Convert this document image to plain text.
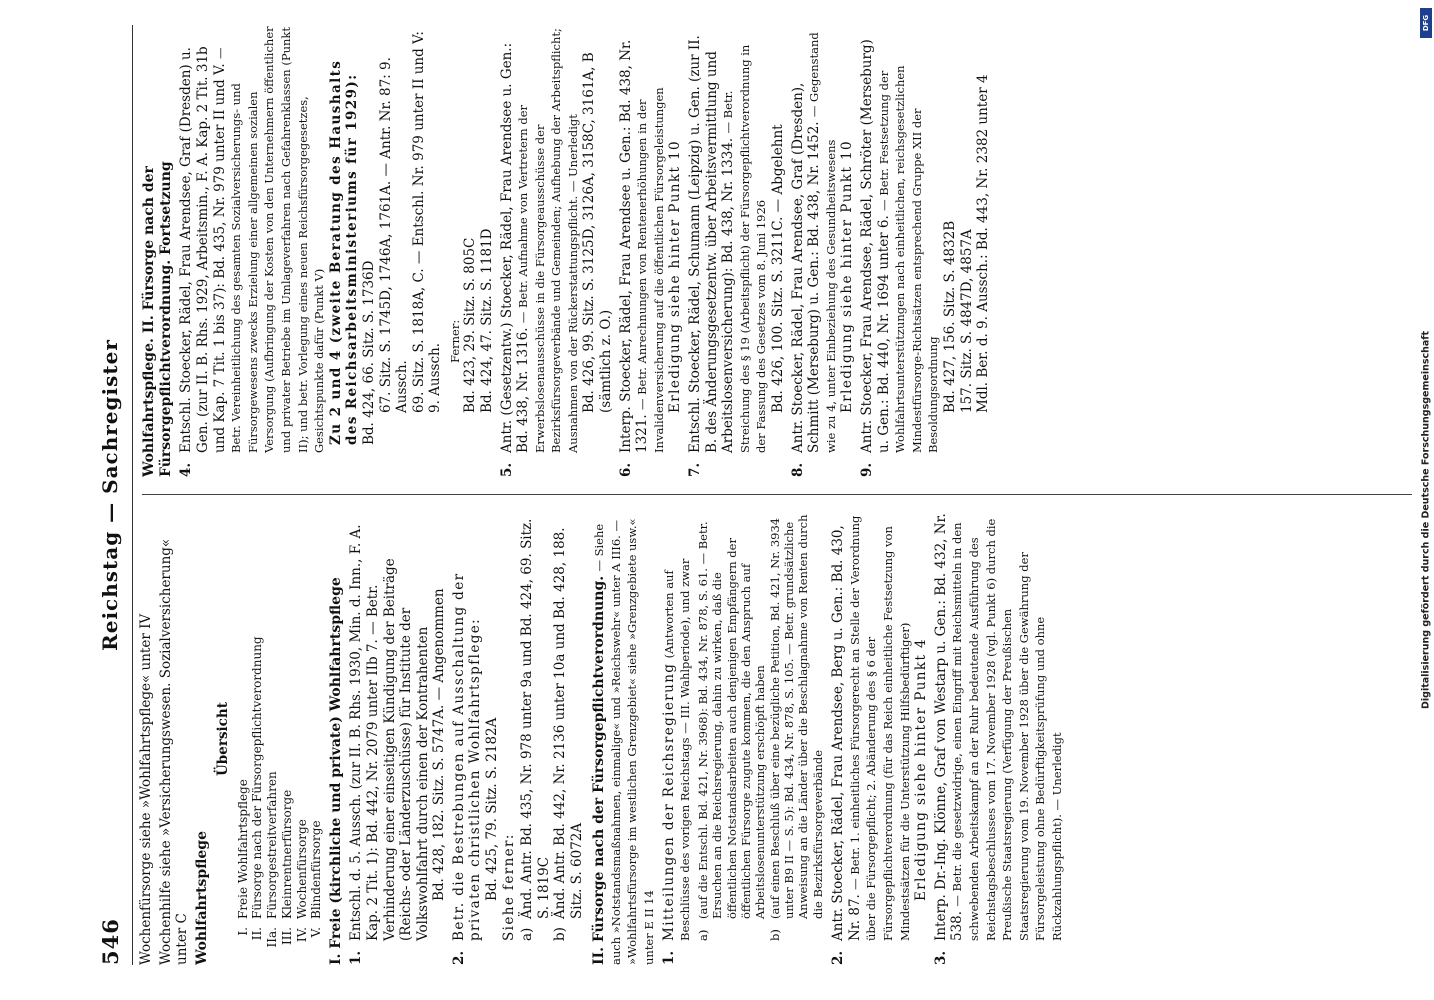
DFG
Digitalisierung gefördert durch die Deutsche Forschungsgemeinschaft
546
Reichstag — Sachregister

Wochenfürsorge siehe »Wohlfahrtspflege« unter IV Wochenhilfe siehe »Versicherungswesen. Sozialversicherung« unter C Wohlfahrtspflege
Übersicht
I.
Freie Wohlfahrtspflege
II.
Fürsorge nach der Fürsorgepflichtverordnung
IIa.
Fürsorgestreitverfahren
III.
Kleinrentnerfürsorge
IV.
Wochenfürsorge
V.
Blindenfürsorge I. Freie (kirchliche und private) Wohlfahrtspflege 1.
Entschl. d. 5. Aussch. (zur II. B. Rhs. 1930, Min. d. Inn., F. A. Kap. 2 Tit. 1): Bd. 442, Nr. 2079 unter IIb 7. — Betr. Verhinderung einer einseitigen Kündigung der Beiträge (Reichs- oder Länderzuschüsse) für Institute der Volkswohlfahrt durch einen der Kontrahenten Bd. 428, 182. Sitz. S. 5747A. — Angenommen
2.
Betr. die Bestrebungen auf Ausschaltung der privaten christlichen Wohlfahrtspflege: Bd. 425, 79. Sitz. S. 2182A Siehe ferner: a)
Änd. Antr. Bd. 435, Nr. 978 unter 9a und Bd. 424, 69. Sitz. S. 1819C
b)
Änd. Antr. Bd. 442, Nr. 2136 unter 10a und Bd. 428, 188. Sitz. S. 6072A II. Fürsorge nach der Fürsorgepflichtverordnung. — Siehe auch »Notstandsmaßnahmen, einmalige« und »Reichswehr« unter A III6. — »Wohlfahrtsfürsorge im westlichen Grenzgebiet« siehe »Grenzgebiete usw.« unter E II 14 1.
Mitteilungen der Reichsregierung (Antworten auf Beschlüsse des vorigen Reichstags — III. Wahlperiode), und zwar a)
(auf die Entschl. Bd. 421, Nr. 3968): Bd. 434, Nr. 878, S. 61. — Betr. Ersuchen an die Reichsregierung, dahin zu wirken, daß die öffentlichen Notstandsarbeiten auch denjenigen Empfängern der öffentlichen Fürsorge zugute kommen, die den Anspruch auf Arbeitslosenunterstützung erschöpft haben
b)
(auf einen Beschluß über eine bezügliche Petition, Bd. 421, Nr. 3934 unter B9 II — S. 5): Bd. 434, Nr. 878, S. 105. — Betr. grundsätzliche Anweisung an die Länder über die Beschlagnahme von Renten durch die Bezirksfürsorgeverbände
2.
Antr. Stoecker, Rädel, Frau Arendsee, Berg u. Gen.: Bd. 430, Nr. 87. — Betr. 1. einheitliches Fürsorgerecht an Stelle der Verordnung über die Fürsorgepflicht; 2. Abänderung des § 6 der Fürsorgepflichtverordnung (für das Reich einheitliche Festsetzung von Mindestsätzen für die Unterstützung Hilfsbedürftiger) Erledigung siehe hinter Punkt 4
3.
Interp. Dr.-Ing. Klönne, Graf von Westarp u. Gen.: Bd. 432, Nr. 538. — Betr. die gesetzwidrige, einen Eingriff mit Reichsmitteln in den schwebenden Arbeitskampf an der Ruhr bedeutende Ausführung des Reichstagsbeschlusses vom 17. November 1928 (vgl. Punkt 6) durch die Preußische Staatsregierung (Verfügung der Preußischen Staatsregierung vom 19. November 1928 über die Gewährung der Fürsorgeleistung ohne Bedürftigkeitsprüfung und ohne Rückzahlungspflicht). — Unerledigt

Wohlfahrtspflege. II. Fürsorge nach der Fürsorgepflichtverordnung. Fortsetzung 4.
Entschl. Stoecker, Rädel, Frau Arendsee, Graf (Dresden) u. Gen. (zur II. B. Rhs. 1929, Arbeitsmin., F. A. Kap. 2 Tit. 31b und Kap. 7 Tit. 1 bis 37): Bd. 435, Nr. 979 unter II und V. — Betr. Vereinheitlichung des gesamten Sozialversicherungs- und Fürsorgewesens zwecks Erzielung einer allgemeinen sozialen Versorgung (Aufbringung der Kosten von den Unternehmern öffentlicher und privater Betriebe im Umlageverfahren nach Gefahrenklassen (Punkt II); und betr. Vorlegung eines neuen Reichsfürsorgegesetzes, Gesichtspunkte dafür (Punkt V) Zu 2 und 4 (zweite Beratung des Haushalts des Reichsarbeitsministeriums für 1929): Bd. 424, 66. Sitz. S. 1736D 67. Sitz. S. 1745D, 1746A, 1761A. — Antr. Nr. 87: 9. Aussch. 69. Sitz. S. 1818A, C. — Entschl. Nr. 979 unter II und V: 9. Aussch.
Ferner: Bd. 423, 29. Sitz. S. 805C Bd. 424, 47. Sitz. S. 1181D
5.
Antr. (Gesetzentw.) Stoecker, Rädel, Frau Arendsee u. Gen.: Bd. 438, Nr. 1316. — Betr. Aufnahme von Vertretern der Erwerbslosenausschüsse in die Fürsorgeausschüsse der Bezirksfürsorgeverbände und Gemeinden; Aufhebung der Arbeitspflicht; Ausnahmen von der Rückerstattungspflicht. — Unerledigt Bd. 426, 99. Sitz. S. 3125D, 3126A, 3158C, 3161A, B (sämtlich z. O.)
6.
Interp. Stoecker, Rädel, Frau Arendsee u. Gen.: Bd. 438, Nr. 1321. — Betr. Anrechnungen von Rentenerhöhungen in der Invalidenversicherung auf die öffentlichen Fürsorgeleistungen Erledigung siehe hinter Punkt 10
7.
Entschl. Stoecker, Rädel, Schumann (Leipzig) u. Gen. (zur II. B. des Änderungsgesetzentw. über Arbeitsvermittlung und Arbeitslosenversicherung): Bd. 438, Nr. 1334. — Betr. Streichung des § 19 (Arbeitspflicht) der Fürsorgepflichtverordnung in der Fassung des Gesetzes vom 8. Juni 1926 Bd. 426, 100. Sitz. S. 3211C. — Abgelehnt
8.
Antr. Stoecker, Rädel, Frau Arendsee, Graf (Dresden), Schmitt (Merseburg) u. Gen.: Bd. 438, Nr. 1452. — Gegenstand wie zu 4, unter Einbeziehung des Gesundheitswesens Erledigung siehe hinter Punkt 10
9.
Antr. Stoecker, Frau Arendsee, Rädel, Schröter (Merseburg) u. Gen.: Bd. 440, Nr. 1694 unter 6. — Betr. Festsetzung der Wohlfahrtsunterstützungen nach einheitlichen, reichsgesetzlichen Mindestfürsorge-Richtsätzen entsprechend Gruppe XII der Besoldungsordnung Bd. 427, 156. Sitz. S. 4832B 157. Sitz. S. 4847D, 4857A Mdl. Ber. d. 9. Aussch.: Bd. 443, Nr. 2382 unter 4
